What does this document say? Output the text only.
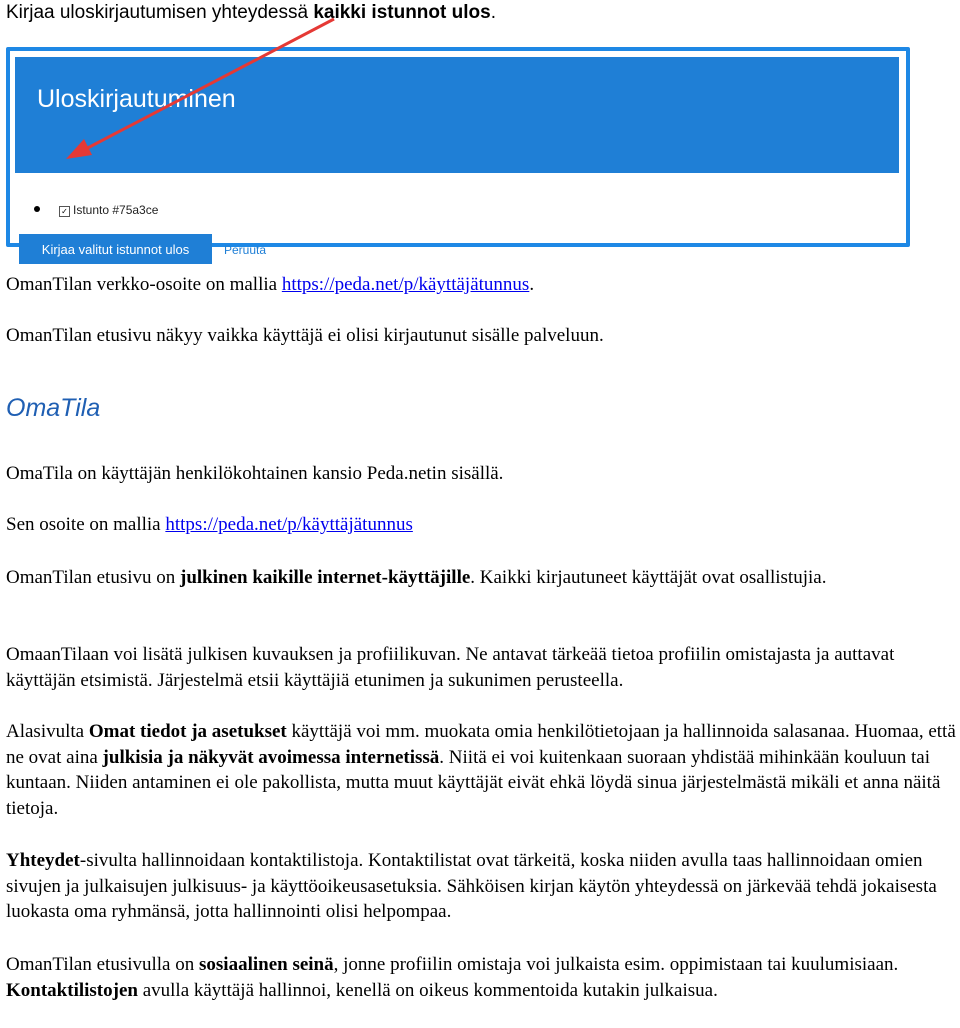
Kirjaa uloskirjautumisen yhteydessä kaikki istunnot ulos.

Uloskirjautuminen
✓ Istunto #75a3ce
Kirjaa valitut istunnot ulos	Peruuta

OmanTilan verkko-osoite on mallia https://peda.net/p/käyttäjätunnus.

OmanTilan etusivu näkyy vaikka käyttäjä ei olisi kirjautunut sisälle palveluun.

OmaTila

OmaTila on käyttäjän henkilökohtainen kansio Peda.netin sisällä.

Sen osoite on mallia https://peda.net/p/käyttäjätunnus

OmanTilan etusivu on julkinen kaikille internet-käyttäjille. Kaikki kirjautuneet käyttäjät ovat osallistujia.

OmaanTilaan voi lisätä julkisen kuvauksen ja profiilikuvan. Ne antavat tärkeää tietoa profiilin omistajasta ja auttavat käyttäjän etsimistä. Järjestelmä etsii käyttäjiä etunimen ja sukunimen perusteella.

Alasivulta Omat tiedot ja asetukset käyttäjä voi mm. muokata omia henkilötietojaan ja hallinnoida salasanaa. Huomaa, että ne ovat aina julkisia ja näkyvät avoimessa internetissä. Niitä ei voi kuitenkaan suoraan yhdistää mihinkään kouluun tai kuntaan. Niiden antaminen ei ole pakollista, mutta muut käyttäjät eivät ehkä löydä sinua järjestelmästä mikäli et anna näitä tietoja.

Yhteydet-sivulta hallinnoidaan kontaktilistoja. Kontaktilistat ovat tärkeitä, koska niiden avulla taas hallinnoidaan omien sivujen ja julkaisujen julkisuus- ja käyttöoikeusasetuksia. Sähköisen kirjan käytön yhteydessä on järkevää tehdä jokaisesta luokasta oma ryhmänsä, jotta hallinnointi olisi helpompaa.

OmanTilan etusivulla on sosiaalinen seinä, jonne profiilin omistaja voi julkaista esim. oppimistaan tai kuulumisiaan. Kontaktilistojen avulla käyttäjä hallinnoi, kenellä on oikeus kommentoida kutakin julkaisua.
